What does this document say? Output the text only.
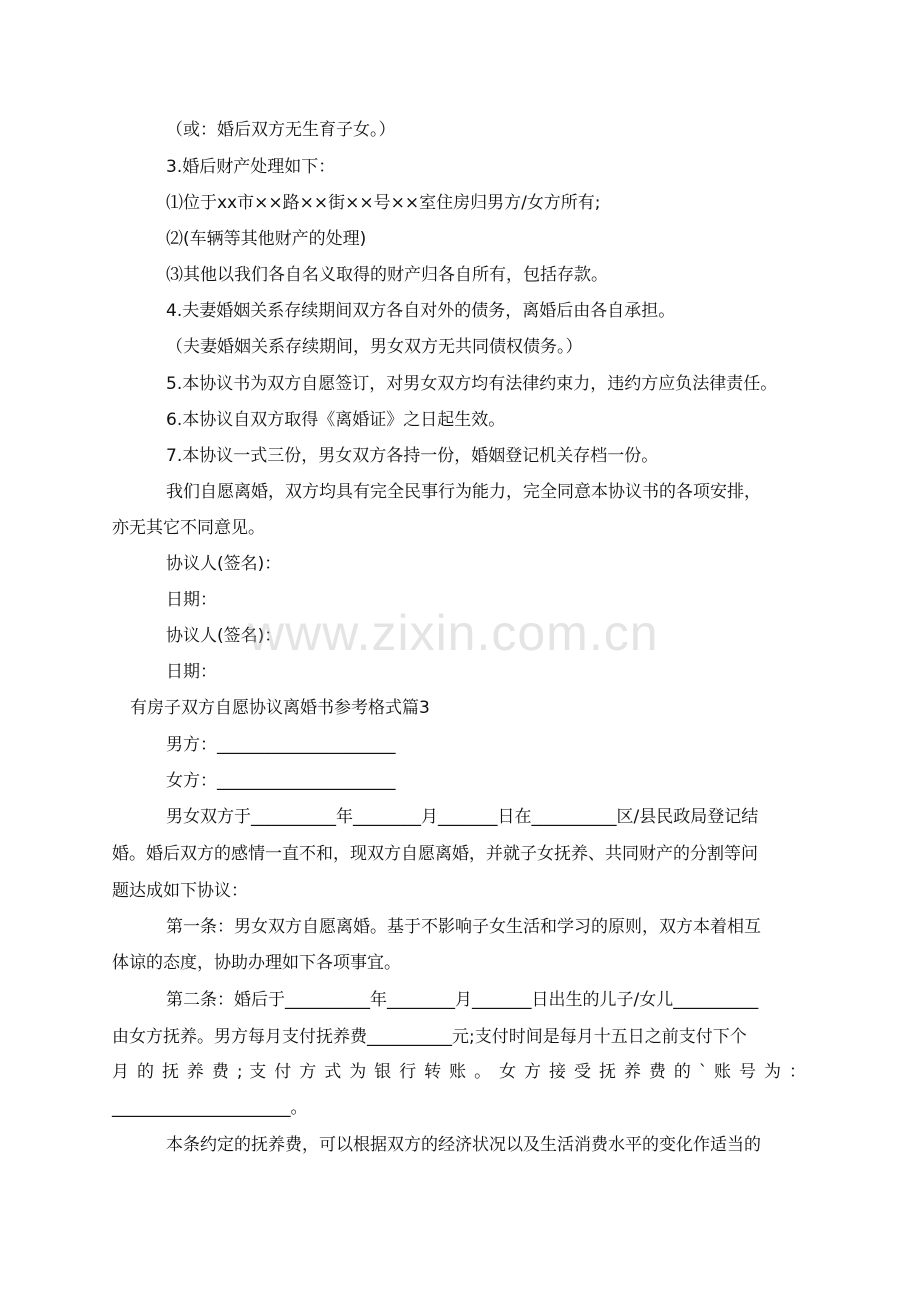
（或：婚后双方无生育子女。）
3.婚后财产处理如下：
⑴位于xx市××路××街××号××室住房归男方/女方所有;
⑵(车辆等其他财产的处理)
⑶其他以我们各自名义取得的财产归各自所有，包括存款。
4.夫妻婚姻关系存续期间双方各自对外的债务，离婚后由各自承担。
（夫妻婚姻关系存续期间，男女双方无共同债权债务。）
5.本协议书为双方自愿签订，对男女双方均有法律约束力，违约方应负法律责任。
6.本协议自双方取得《离婚证》之日起生效。
7.本协议一式三份，男女双方各持一份，婚姻登记机关存档一份。
我们自愿离婚，双方均具有完全民事行为能力，完全同意本协议书的各项安排，
亦无其它不同意见。
协议人(签名)：
日期：
协议人(签名)：
日期：
有房子双方自愿协议离婚书参考格式篇3
男方：_____________________
女方：_____________________
男女双方于__________年________月_______日在__________区/县民政局登记结
婚。婚后双方的感情一直不和，现双方自愿离婚，并就子女抚养、共同财产的分割等问
题达成如下协议：
第一条：男女双方自愿离婚。基于不影响子女生活和学习的原则，双方本着相互
体谅的态度，协助办理如下各项事宜。
第二条：婚后于__________年________月_______日出生的儿子/女儿__________
由女方抚养。男方每月支付抚养费__________元;支付时间是每月十五日之前支付下个
月 的 抚 养 费 ; 支 付 方 式 为 银 行 转 账 。 女 方 接 受 抚 养 费 的 ` 账 号 为 ：
_____________________。
本条约定的抚养费，可以根据双方的经济状况以及生活消费水平的变化作适当的
www.zixin.com.cn
